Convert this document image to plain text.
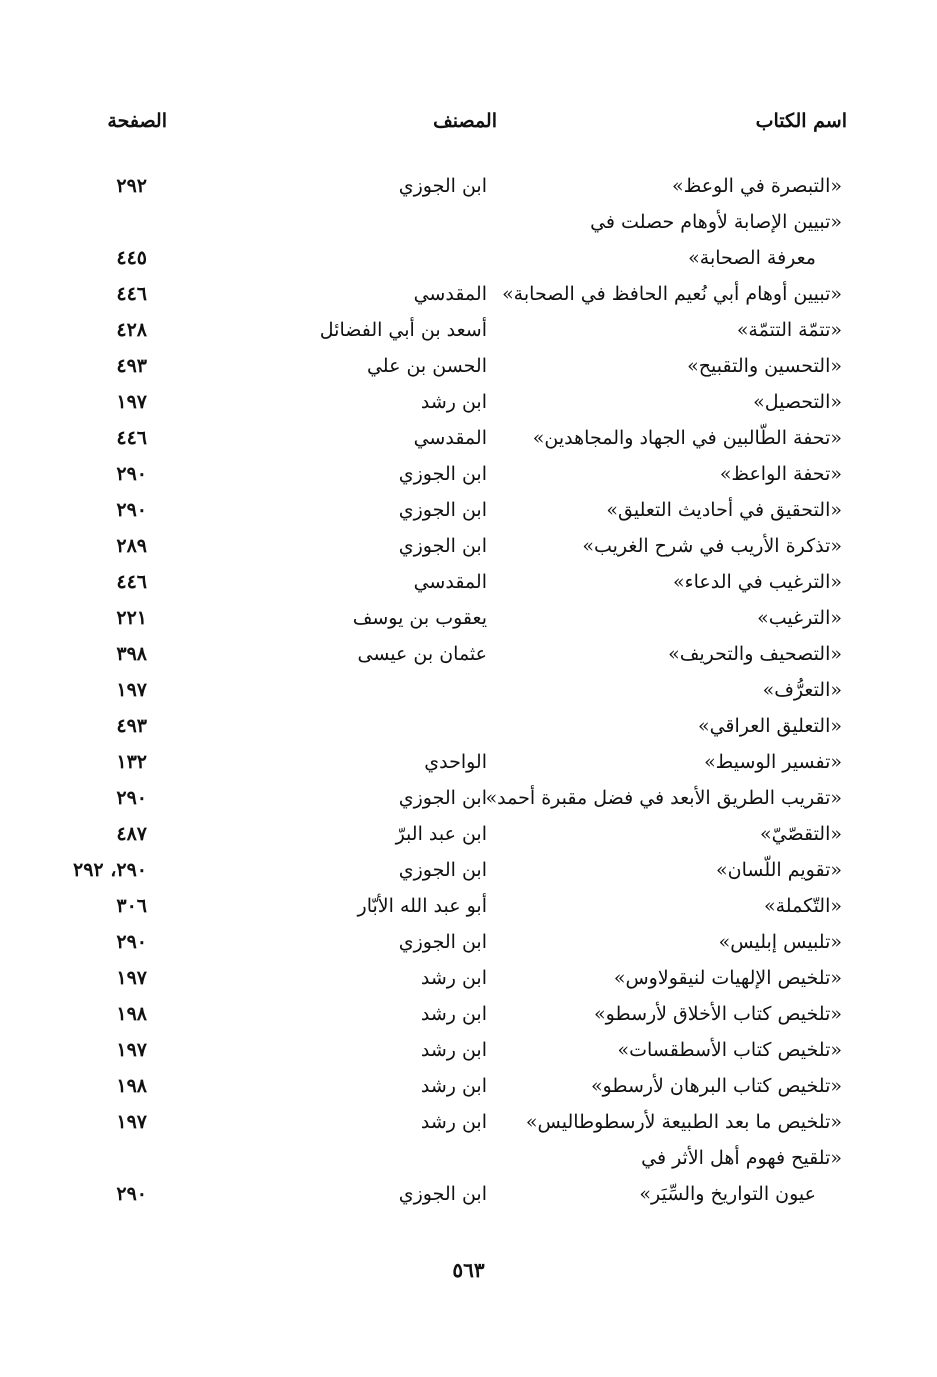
اسم الكتاب
المصنف
الصفحة
«التبصرة في الوعظ»
ابن الجوزي
٢٩٢
«تبيين الإصابة لأوهام حصلت في
معرفة الصحابة»
٤٤٥
«تبيين أوهام أبي نُعيم الحافظ في الصحابة»
المقدسي
٤٤٦
«تتمّة التتمّة»
أسعد بن أبي الفضائل
٤٢٨
«التحسين والتقبيح»
الحسن بن علي
٤٩٣
«التحصيل»
ابن رشد
١٩٧
«تحفة الطّالبين في الجهاد والمجاهدين»
المقدسي
٤٤٦
«تحفة الواعظ»
ابن الجوزي
٢٩٠
«التحقيق في أحاديث التعليق»
ابن الجوزي
٢٩٠
«تذكرة الأريب في شرح الغريب»
ابن الجوزي
٢٨٩
«الترغيب في الدعاء»
المقدسي
٤٤٦
«الترغيب»
يعقوب بن يوسف
٢٢١
«التصحيف والتحريف»
عثمان بن عيسى
٣٩٨
«التعرُّف»
١٩٧
«التعليق العراقي»
٤٩٣
«تفسير الوسيط»
الواحدي
١٣٢
«تقريب الطريق الأبعد في فضل مقبرة أحمد»
ابن الجوزي
٢٩٠
«التقصّيّ»
ابن عبد البرّ
٤٨٧
«تقويم اللّسان»
ابن الجوزي
٢٩٠، ٢٩٢
«التّكملة»
أبو عبد الله الأبّار
٣٠٦
«تلبيس إبليس»
ابن الجوزي
٢٩٠
«تلخيص الإلهيات لنيقولاوس»
ابن رشد
١٩٧
«تلخيص كتاب الأخلاق لأرسطو»
ابن رشد
١٩٨
«تلخيص كتاب الأسطقسات»
ابن رشد
١٩٧
«تلخيص كتاب البرهان لأرسطو»
ابن رشد
١٩٨
«تلخيص ما بعد الطبيعة لأرسطوطاليس»
ابن رشد
١٩٧
«تلقيح فهوم أهل الأثر في
عيون التواريخ والسِّيَر»
ابن الجوزي
٢٩٠
٥٦٣
